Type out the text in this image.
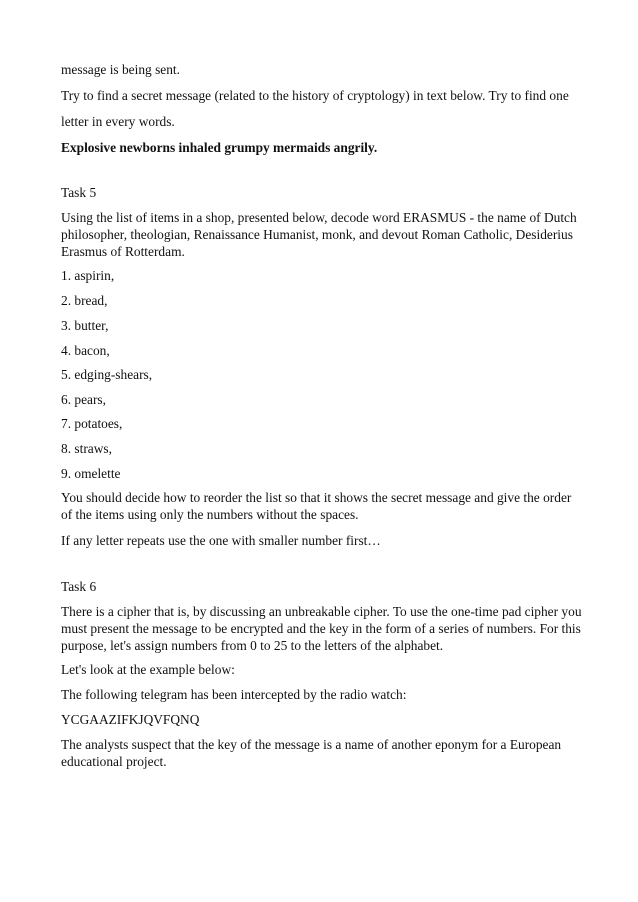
message is being sent.

Try to find a secret message (related to the history of cryptology) in text below. Try to find one

letter in every words.

Explosive newborns inhaled grumpy mermaids angrily.

Task 5

Using the list of items in a shop, presented below, decode word ERASMUS - the name of Dutch philosopher, theologian, Renaissance Humanist, monk, and devout Roman Catholic, Desiderius Erasmus of Rotterdam.

1. aspirin,

2. bread,

3. butter,

4. bacon,

5. edging-shears,

6. pears,

7. potatoes,

8. straws,

9. omelette

You should decide how to reorder the list so that it shows the secret message and give the order of the items using only the numbers without the spaces.

If any letter repeats use the one with smaller number first…

Task 6

There is a cipher that is, by discussing an unbreakable cipher. To use the one-time pad cipher you must present the message to be encrypted and the key in the form of a series of numbers. For this purpose, let's assign numbers from 0 to 25 to the letters of the alphabet.

Let's look at the example below:

The following telegram has been intercepted by the radio watch:

YCGAAZIFKJQVFQNQ

The analysts suspect that the key of the message is a name of another eponym for a European educational project.
